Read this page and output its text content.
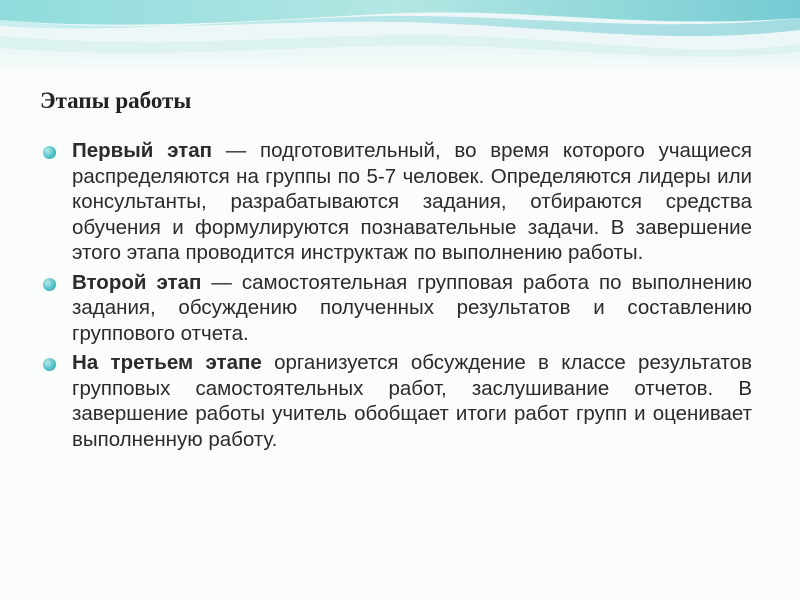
Этапы работы
Первый этап — подготовительный, во время которого учащиеся распределяются на группы по 5-7 человек. Определяются лидеры или консультанты, разрабатываются задания, отбираются средства обучения и формулируются познавательные задачи. В завершение этого этапа проводится инструктаж по выполнению работы.
Второй этап — самостоятельная групповая работа по выполнению задания, обсуждению полученных результатов и составлению группового отчета.
На третьем этапе организуется обсуждение в классе результатов групповых самостоятельных работ, заслушивание отчетов. В завершение работы учитель обобщает итоги работ групп и оценивает выполненную работу.
